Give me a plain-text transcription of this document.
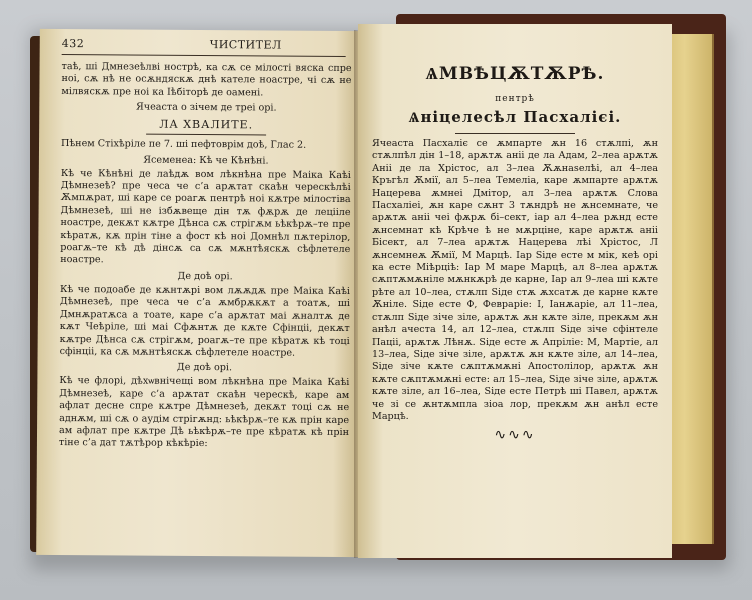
432	ЧИСТИТЕЛ

таѣ, ші Дмнезеѣлві нострѣ, ка сѫ се мілості вяска спре ноі, сѫ нѣ не осѫндяскѫ днѣ кателе ноастре, чі сѫ не мілвяскѫ пре ноі ка Іѣбіторѣ де оамені.

Ячеаста о зічем де треі орі.

ЛА ХВАЛИТЕ.

Пѣнем Стіхѣріле пе 7. ші пефтоврім доѣ, Глас 2.

Ясеменеа: Кѣ че Кѣнѣні.

Кѣ че Кѣнѣні де лаѣдѫ вом лѣкнѣна пре Маіка Каѣі Дѣмнезеѣ? пре чеса че с’а арѫтат скаѣн черескѣлѣі Ѫмпѫрат, ші каре се роагѫ пентрѣ ноі кѫтре мілостіва Дѣмнезеѣ, ші не ізбѫвеще дін тѫ фѫрѫ де лецііле ноастре, декѫт кѫтре Дѣнса сѫ стрігѫм ьѣкѣрѫ–те пре кѣратѫ, кѫ прін тіне а фост кѣ ноі Домнѣл пѫтерілор, роагѫ–те кѣ дѣ дінсѫ са сѫ мѫнтѣяскѫ сѣфлетеле ноастре.

Де доѣ орі.

Кѣ че подоабе де кѫнтѫрі вом лѫѫдѫ пре Маіка Каѣі Дѣмнезеѣ, пре чеса че с’а ѫмбрѫкѫт а тоатѫ, ші Дмнѫратѫса а тоате, каре с’а арѫтат маі ѫналтѫ де кѫт Чеѣріле, ші маі Сфѫнтѫ де кѫте Сфінціі, декѫт кѫтре Дѣнса сѫ стрігѫм, роагѫ–те пре кѣратѫ кѣ тоці сфінціі, ка сѫ мѫнтѣяскѫ сѣфлетеле ноастре.

Де доѣ орі.

Кѣ че флорі, дѣхѡвнічещі вом лѣкнѣна пре Маіка Каѣі Дѣмнезеѣ, каре с’а арѫтат скаѣн черескѣ, каре ам афлат десне спре кѫтре Дѣмнезеѣ, декѫт тоці сѫ не аднѫм, ші сѫ о аудім стрігѫнд: ьѣкѣрѫ–те кѫ прін каре ам афлат пре кѫтре Дѣ ьѣкѣрѫ–те пре кѣратѫ кѣ прін тіне с’а дат тѫтѣрор кѣкѣріе:

ѦМВѢЦѪТѪРѢ.
пентрѣ
Ѧніцелесѣл Пасхалієі.

Ячеаста Пасхаліє се ѫмпарте ѫн 16 стѫлпі, ѫн стѫлпѣл дін 1–18, арѫтѫ аніі де ла Адам, 2–леа арѫтѫ Аніі де ла Хрістос, ал 3–леа Ѫѫнаѕелѣі, ал 4–леа Кръгѣл Ѫмії, ал 5–леа Темеліа, каре ѫмпарте арѫтѫ Нацерева ѫмнеі Дмітор, ал 3–леа арѫтѫ Слова Пасхаліеі, ѫн каре сѫнт 3 тѫндрѣ не ѫнсемнате, че арѫтѫ аніі чеі фѫрѫ бі–сект, іар ал 4–леа рѫнд есте ѫнсемнат кѣ Крѣче ѣ не мѫрціне, каре арѫтѫ аніі Бісект, ал 7–леа арѫтѫ Нацерева лѣі Хрістос, Л ѫнсемнеѫ Ѫмії, М Марцѣ. Іар Ѕіде есте м мік, кеѣ орі ка есте Міѣрціѣ: Іар М маре Марцѣ, ал 8–леа арѫтѫ сѫптѫмѫніле мѫнкѫрѣ де карне, Іар ал 9–леа ші кѫте рѣте ал 10–леа, стѫлп Ѕіде стѫ ѫхсатѫ де карне кѫте Ѫніле. Ѕіде есте Ф, Февраріе: І, Іанѫаріе, ал 11–леа, стѫлп Ѕіде зіче зіле, арѫтѫ ѫн кѫте зіле, прекѫм ѫн анѣл ачеста 14, ал 12–леа, стѫлп Ѕіде зіче сфінтеле Паціі, арѫтѫ Лѣнѫ. Ѕіде есте ѫ Апріліе: М, Мартіе, ал 13–леа, Ѕіде зіче зіле, арѫтѫ ѫн кѫте зіле, ал 14–леа, Ѕіде зіче кѫте сѫптѫмѫні Апостолілор, арѫтѫ ѫн кѫте сѫптѫмѫні есте: ал 15–леа, Ѕіде зіче зіле, арѫтѫ кѫте зіле, ал 16–леа, Ѕіде есте Петрѣ ші Павел, арѫтѫ че зі се ѫнтѫмпла зіоа лор, прекѫм ѫн анѣл есте Марцѣ.

∿∿∿
